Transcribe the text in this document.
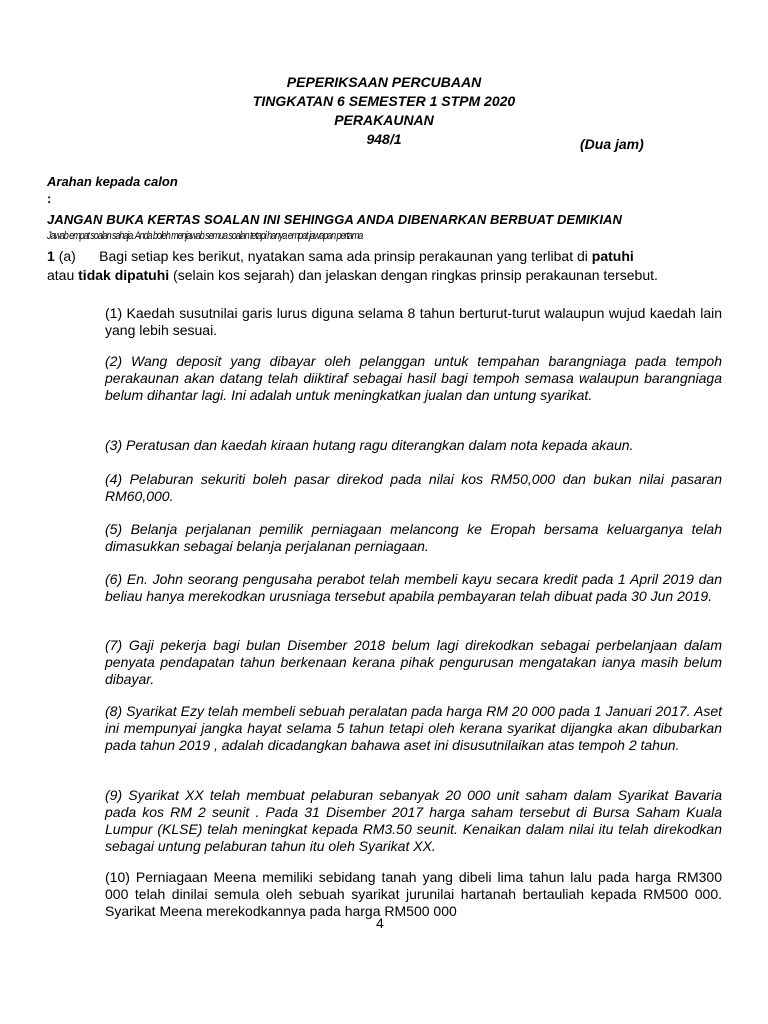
PEPERIKSAAN PERCUBAAN
TINGKATAN 6 SEMESTER 1 STPM 2020
PERAKAUNAN
948/1	(Dua jam)
Arahan kepada calon
:
JANGAN BUKA KERTAS SOALAN INI SEHINGGA ANDA DIBENARKAN BERBUAT DEMIKIAN
Jawab empat soalan sahaja. Anda boleh menjawab semua soalan tetapi hanya empat jawapan pertama
1 (a) Bagi setiap kes berikut, nyatakan sama ada prinsip perakaunan yang terlibat di patuhi
atau tidak dipatuhi (selain kos sejarah) dan jelaskan dengan ringkas prinsip perakaunan tersebut.
(1) Kaedah susutnilai garis lurus diguna selama 8 tahun berturut-turut walaupun wujud kaedah lain yang lebih sesuai.
(2) Wang deposit yang dibayar oleh pelanggan untuk tempahan barangniaga pada tempoh perakaunan akan datang telah diiktiraf sebagai hasil bagi tempoh semasa walaupun barangniaga belum dihantar lagi. Ini adalah untuk meningkatkan jualan dan untung syarikat.
(3) Peratusan dan kaedah kiraan hutang ragu diterangkan dalam nota kepada akaun.
(4) Pelaburan sekuriti boleh pasar direkod pada nilai kos RM50,000 dan bukan nilai pasaran RM60,000.
(5) Belanja perjalanan pemilik perniagaan melancong ke Eropah bersama keluarganya telah dimasukkan sebagai belanja perjalanan perniagaan.
(6) En. John seorang pengusaha perabot telah membeli kayu secara kredit pada 1 April 2019 dan beliau hanya merekodkan urusniaga tersebut apabila pembayaran telah dibuat pada 30 Jun 2019.
(7) Gaji pekerja bagi bulan Disember 2018 belum lagi direkodkan sebagai perbelanjaan dalam penyata pendapatan tahun berkenaan kerana pihak pengurusan mengatakan ianya masih belum dibayar.
(8) Syarikat Ezy telah membeli sebuah peralatan pada harga RM 20 000 pada 1 Januari 2017. Aset ini mempunyai jangka hayat selama 5 tahun tetapi oleh kerana syarikat dijangka akan dibubarkan pada tahun 2019 , adalah dicadangkan bahawa aset ini disusutnilaikan atas tempoh 2 tahun.
(9) Syarikat XX telah membuat pelaburan sebanyak 20 000 unit saham dalam Syarikat Bavaria pada kos RM 2 seunit . Pada 31 Disember 2017 harga saham tersebut di Bursa Saham Kuala Lumpur (KLSE) telah meningkat kepada RM3.50 seunit. Kenaikan dalam nilai itu telah direkodkan sebagai untung pelaburan tahun itu oleh Syarikat XX.
(10) Perniagaan Meena memiliki sebidang tanah yang dibeli lima tahun lalu pada harga RM300 000 telah dinilai semula oleh sebuah syarikat jurunilai hartanah bertauliah kepada RM500 000. Syarikat Meena merekodkannya pada harga RM500 000
4
